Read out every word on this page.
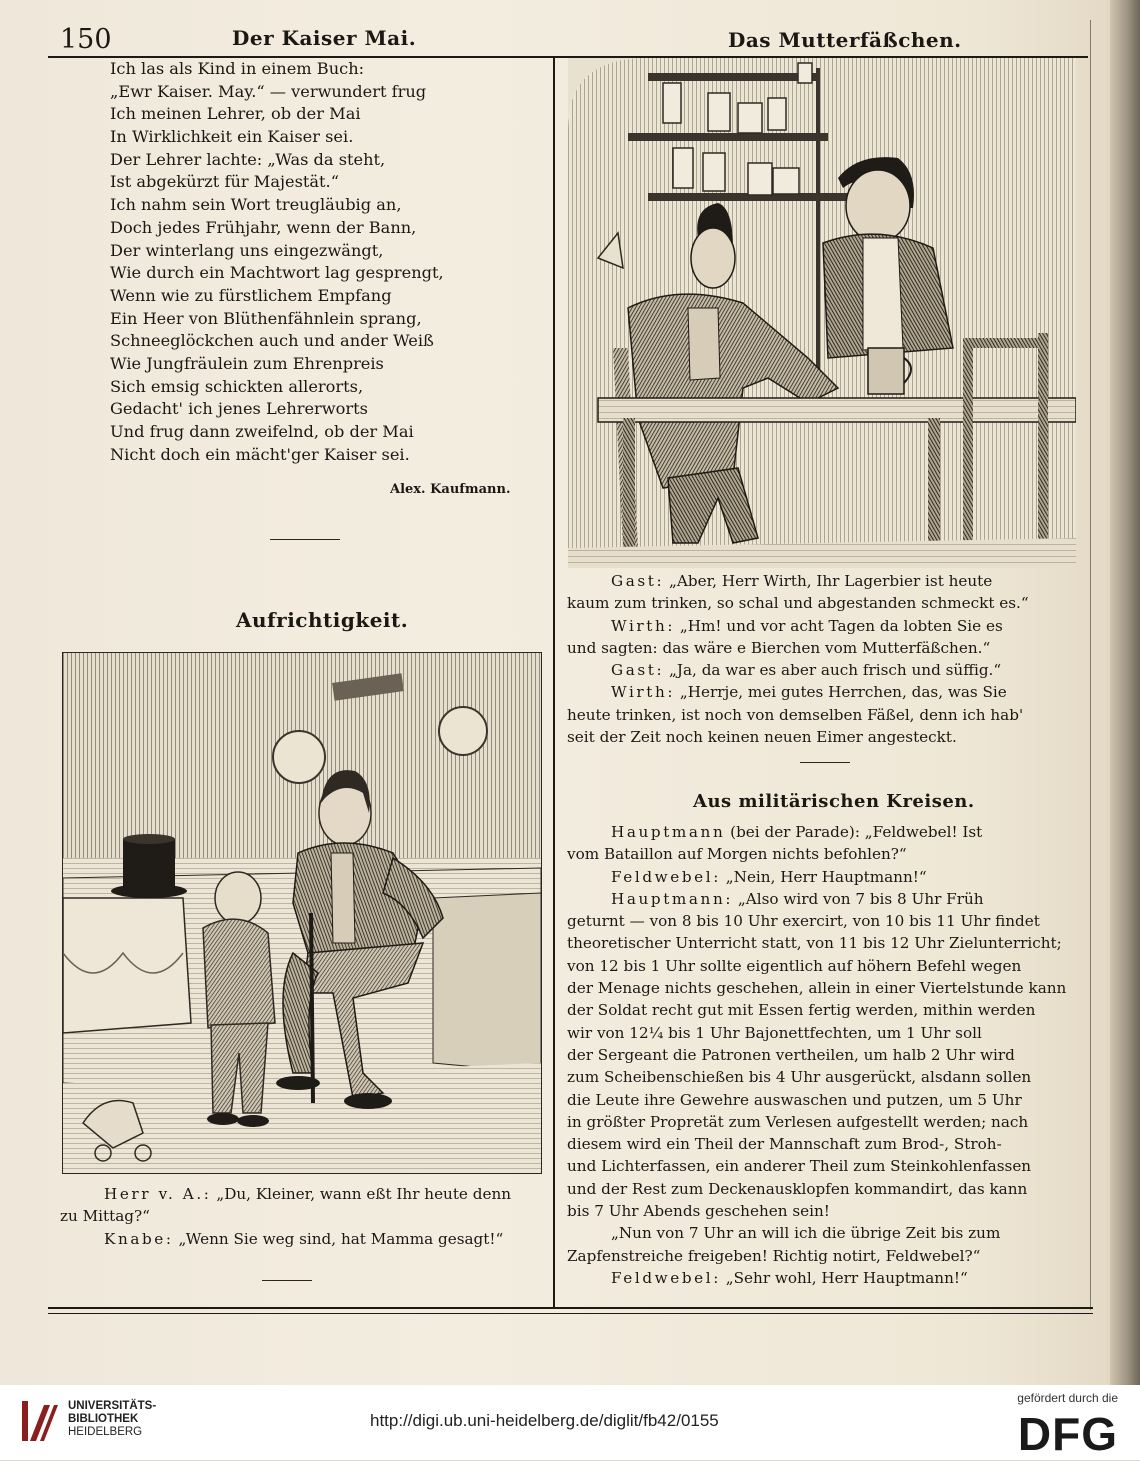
150	Der Kaiser Mai.	Das Mutterfäßchen.
Ich las als Kind in einem Buch:
„Ewr Kaiser. May.“ — verwundert frug
Ich meinen Lehrer, ob der Mai
In Wirklichkeit ein Kaiser sei.
Der Lehrer lachte: „Was da steht,
Ist abgekürzt für Majestät.“
Ich nahm sein Wort treugläubig an,
Doch jedes Frühjahr, wenn der Bann,
Der winterlang uns eingezwängt,
Wie durch ein Machtwort lag gesprengt,
Wenn wie zu fürstlichem Empfang
Ein Heer von Blüthenfähnlein sprang,
Schneeglöckchen auch und ander Weiß
Wie Jungfräulein zum Ehrenpreis
Sich emsig schickten allerorts,
Gedacht' ich jenes Lehrerworts
Und frug dann zweifelnd, ob der Mai
Nicht doch ein mächt'ger Kaiser sei.
Alex. Kaufmann.
Aufrichtigkeit.
Herr v. A.: „Du, Kleiner, wann eßt Ihr heute denn
zu Mittag?“
Knabe: „Wenn Sie weg sind, hat Mamma gesagt!“
Gast: „Aber, Herr Wirth, Ihr Lagerbier ist heute
kaum zum trinken, so schal und abgestanden schmeckt es.“
Wirth: „Hm! und vor acht Tagen da lobten Sie es
und sagten: das wäre e Bierchen vom Mutterfäßchen.“
Gast: „Ja, da war es aber auch frisch und süffig.“
Wirth: „Herrje, mei gutes Herrchen, das, was Sie
heute trinken, ist noch von demselben Fäßel, denn ich hab'
seit der Zeit noch keinen neuen Eimer angesteckt.
Aus militärischen Kreisen.
Hauptmann (bei der Parade): „Feldwebel! Ist
vom Bataillon auf Morgen nichts befohlen?“
Feldwebel: „Nein, Herr Hauptmann!“
Hauptmann: „Also wird von 7 bis 8 Uhr Früh
geturnt — von 8 bis 10 Uhr exercirt, von 10 bis 11 Uhr findet
theoretischer Unterricht statt, von 11 bis 12 Uhr Zielunterricht;
von 12 bis 1 Uhr sollte eigentlich auf höhern Befehl wegen
der Menage nichts geschehen, allein in einer Viertelstunde kann
der Soldat recht gut mit Essen fertig werden, mithin werden
wir von 12¼ bis 1 Uhr Bajonettfechten, um 1 Uhr soll
der Sergeant die Patronen vertheilen, um halb 2 Uhr wird
zum Scheibenschießen bis 4 Uhr ausgerückt, alsdann sollen
die Leute ihre Gewehre auswaschen und putzen, um 5 Uhr
in größter Propretät zum Verlesen aufgestellt werden; nach
diesem wird ein Theil der Mannschaft zum Brod-, Stroh-
und Lichterfassen, ein anderer Theil zum Steinkohlenfassen
und der Rest zum Deckenausklopfen kommandirt, das kann
bis 7 Uhr Abends geschehen sein!
„Nun von 7 Uhr an will ich die übrige Zeit bis zum
Zapfenstreiche freigeben! Richtig notirt, Feldwebel?“
Feldwebel: „Sehr wohl, Herr Hauptmann!“
UNIVERSITÄTS-
BIBLIOTHEK
HEIDELBERG
http://digi.ub.uni-heidelberg.de/diglit/fb42/0155
gefördert durch die
DFG
